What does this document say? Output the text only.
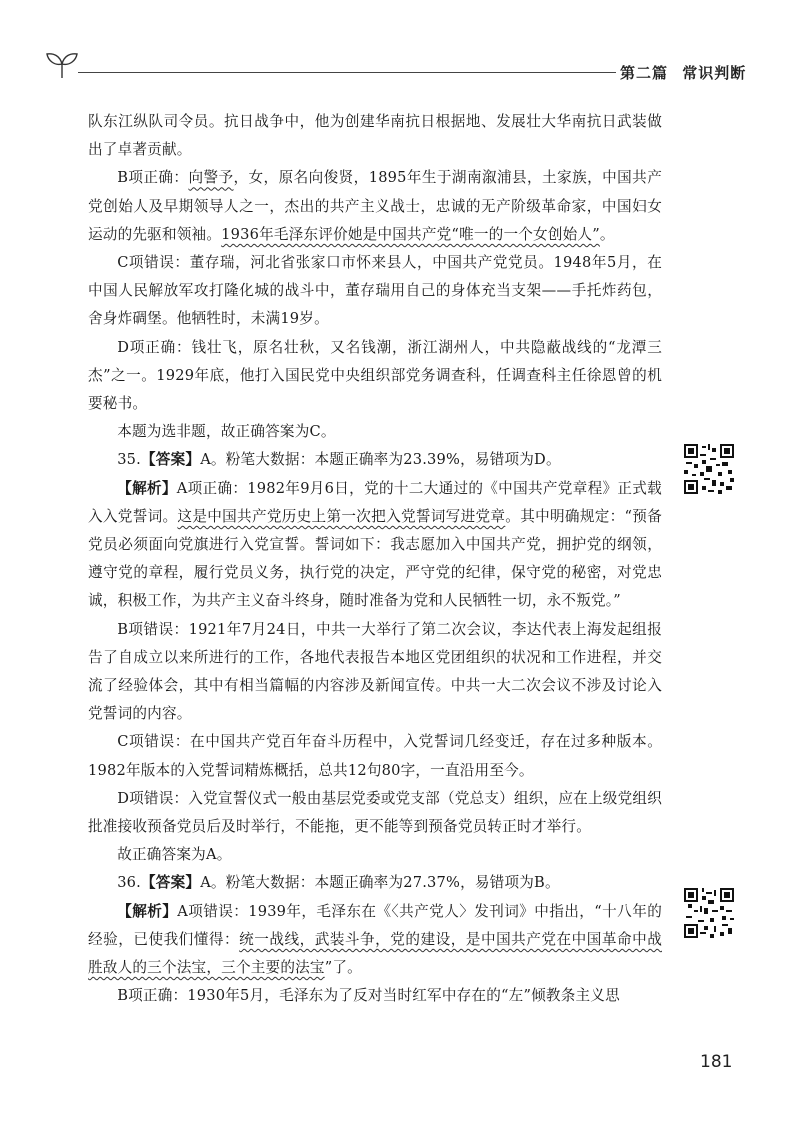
第二篇 常识判断

队东江纵队司令员。抗日战争中，他为创建华南抗日根据地、发展壮大华南抗日武装做出了卓著贡献。

B项正确：向警予，女，原名向俊贤，1895年生于湖南溆浦县，土家族，中国共产党创始人及早期领导人之一，杰出的共产主义战士，忠诚的无产阶级革命家，中国妇女运动的先驱和领袖。1936年毛泽东评价她是中国共产党“唯一的一个女创始人”。

C项错误：董存瑞，河北省张家口市怀来县人，中国共产党党员。1948年5月，在中国人民解放军攻打隆化城的战斗中，董存瑞用自己的身体充当支架——手托炸药包，舍身炸碉堡。他牺牲时，未满19岁。

D项正确：钱壮飞，原名壮秋，又名钱潮，浙江湖州人，中共隐蔽战线的“龙潭三杰”之一。1929年底，他打入国民党中央组织部党务调查科，任调查科主任徐恩曾的机要秘书。

本题为选非题，故正确答案为C。

35.【答案】A。粉笔大数据：本题正确率为23.39%，易错项为D。

【解析】A项正确：1982年9月6日，党的十二大通过的《中国共产党章程》正式载入入党誓词。这是中国共产党历史上第一次把入党誓词写进党章。其中明确规定：“预备党员必须面向党旗进行入党宣誓。誓词如下：我志愿加入中国共产党，拥护党的纲领，遵守党的章程，履行党员义务，执行党的决定，严守党的纪律，保守党的秘密，对党忠诚，积极工作，为共产主义奋斗终身，随时准备为党和人民牺牲一切，永不叛党。”

B项错误：1921年7月24日，中共一大举行了第二次会议，李达代表上海发起组报告了自成立以来所进行的工作，各地代表报告本地区党团组织的状况和工作进程，并交流了经验体会，其中有相当篇幅的内容涉及新闻宣传。中共一大二次会议不涉及讨论入党誓词的内容。

C项错误：在中国共产党百年奋斗历程中，入党誓词几经变迁，存在过多种版本。1982年版本的入党誓词精炼概括，总共12句80字，一直沿用至今。

D项错误：入党宣誓仪式一般由基层党委或党支部（党总支）组织，应在上级党组织批准接收预备党员后及时举行，不能拖，更不能等到预备党员转正时才举行。

故正确答案为A。

36.【答案】A。粉笔大数据：本题正确率为27.37%，易错项为B。

【解析】A项错误：1939年，毛泽东在《〈共产党人〉发刊词》中指出，“十八年的经验，已使我们懂得：统一战线，武装斗争，党的建设，是中国共产党在中国革命中战胜敌人的三个法宝，三个主要的法宝”了。

B项正确：1930年5月，毛泽东为了反对当时红军中存在的“左”倾教条主义思

181
